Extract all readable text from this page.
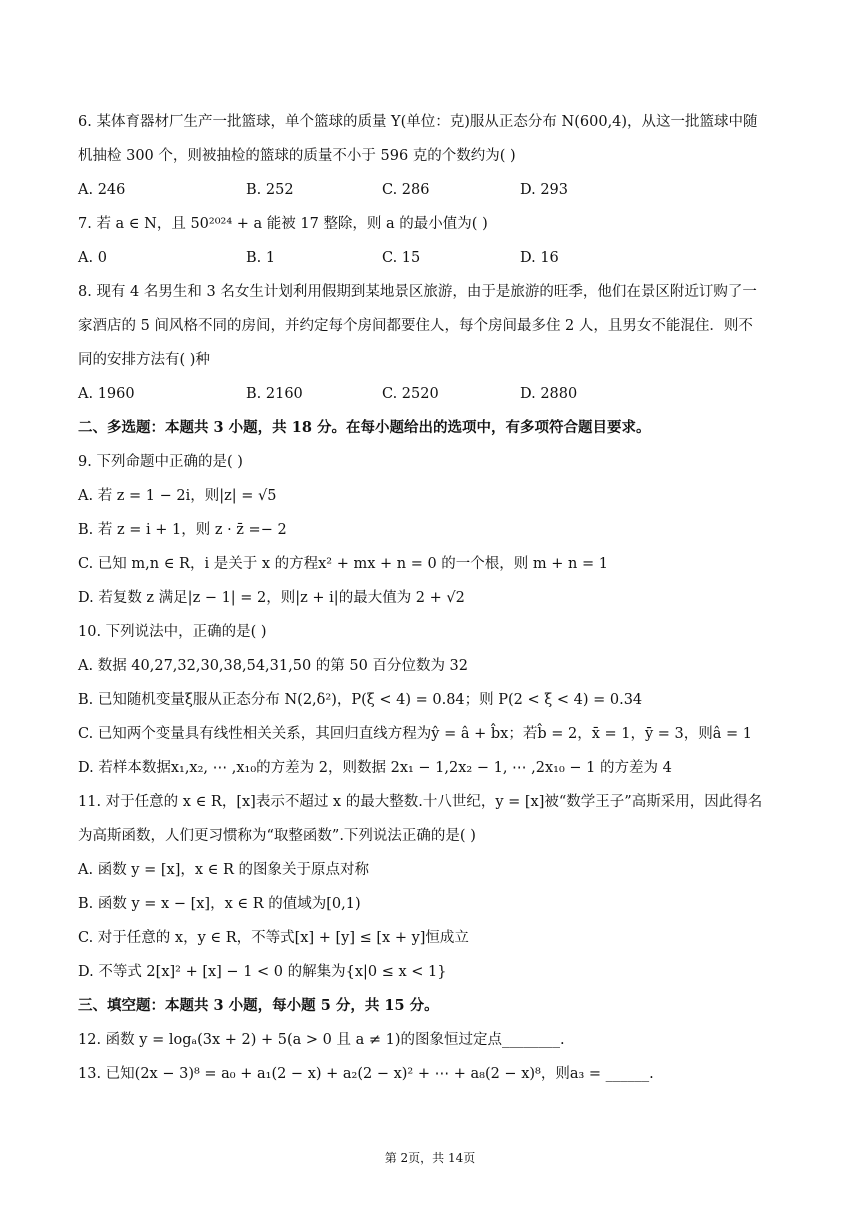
6. 某体育器材厂生产一批篮球，单个篮球的质量 Y(单位：克)服从正态分布 N(600,4)，从这一批篮球中随
机抽检 300 个，则被抽检的篮球的质量不小于 596 克的个数约为( )
A. 246	B. 252	C. 286	D. 293
7. 若 a ∈ N，且 50²⁰²⁴ + a 能被 17 整除，则 a 的最小值为( )
A. 0	B. 1	C. 15	D. 16
8. 现有 4 名男生和 3 名女生计划利用假期到某地景区旅游，由于是旅游的旺季，他们在景区附近订购了一
家酒店的 5 间风格不同的房间，并约定每个房间都要住人，每个房间最多住 2 人，且男女不能混住．则不
同的安排方法有( )种
A. 1960	B. 2160	C. 2520	D. 2880
二、多选题：本题共 3 小题，共 18 分。在每小题给出的选项中，有多项符合题目要求。
9. 下列命题中正确的是( )
A. 若 z = 1 − 2i，则|z| = √5
B. 若 z = i + 1，则 z · z̄ =− 2
C. 已知 m,n ∈ R，i 是关于 x 的方程x² + mx + n = 0 的一个根，则 m + n = 1
D. 若复数 z 满足|z − 1| = 2，则|z + i|的最大值为 2 + √2
10. 下列说法中，正确的是( )
A. 数据 40,27,32,30,38,54,31,50 的第 50 百分位数为 32
B. 已知随机变量ξ服从正态分布 N(2,δ²)，P(ξ < 4) = 0.84；则 P(2 < ξ < 4) = 0.34
C. 已知两个变量具有线性相关关系，其回归直线方程为ŷ = â + b̂x；若b̂ = 2，x̄ = 1，ȳ = 3，则â = 1
D. 若样本数据x₁,x₂, ⋯ ,x₁₀的方差为 2，则数据 2x₁ − 1,2x₂ − 1, ⋯ ,2x₁₀ − 1 的方差为 4
11. 对于任意的 x ∈ R，[x]表示不超过 x 的最大整数.十八世纪，y = [x]被“数学王子”高斯采用，因此得名
为高斯函数，人们更习惯称为“取整函数”.下列说法正确的是( )
A. 函数 y = [x]，x ∈ R 的图象关于原点对称
B. 函数 y = x − [x]，x ∈ R 的值域为[0,1)
C. 对于任意的 x，y ∈ R，不等式[x] + [y] ≤ [x + y]恒成立
D. 不等式 2[x]² + [x] − 1 < 0 的解集为{x|0 ≤ x < 1}
三、填空题：本题共 3 小题，每小题 5 分，共 15 分。
12. 函数 y = logₐ(3x + 2) + 5(a > 0 且 a ≠ 1)的图象恒过定点________.
13. 已知(2x − 3)⁸ = a₀ + a₁(2 − x) + a₂(2 − x)² + ⋯ + a₈(2 − x)⁸，则a₃ = ______.
第 2页，共 14页
